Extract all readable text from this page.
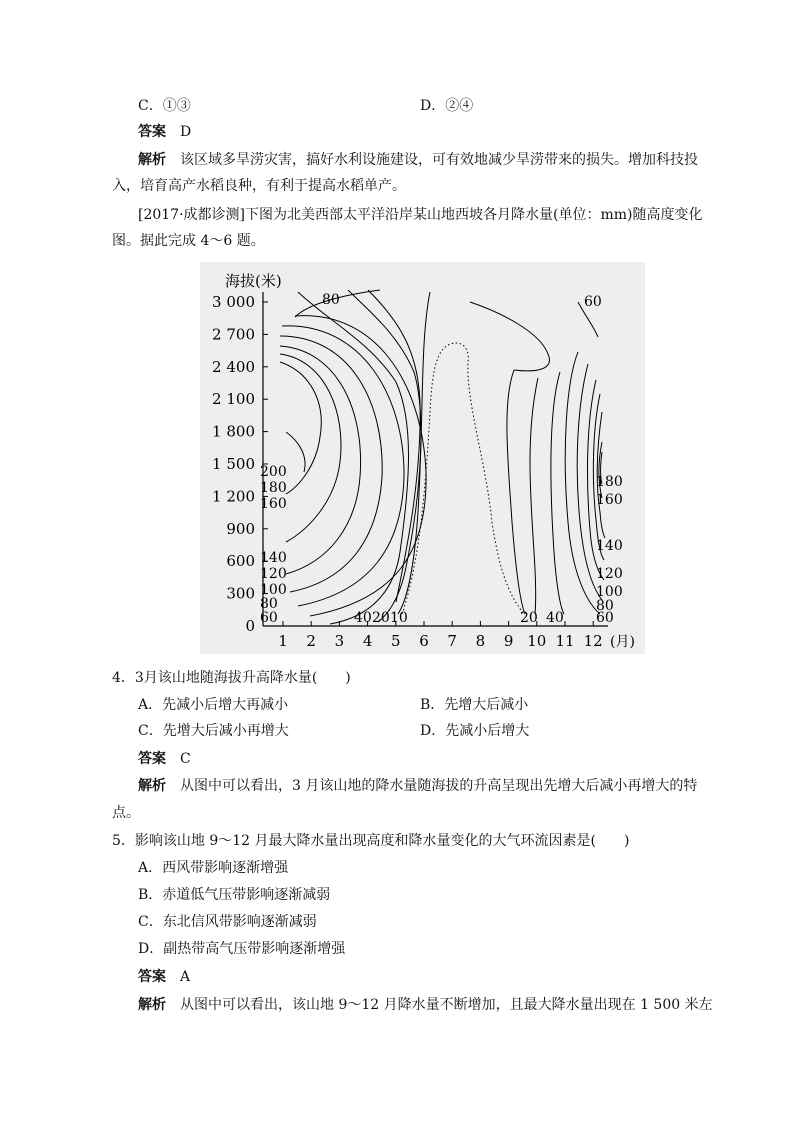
C．①③	D．②④
答案 D
解析 该区域多旱涝灾害，搞好水利设施建设，可有效地减少旱涝带来的损失。增加科技投
入，培育高产水稻良种，有利于提高水稻单产。
[2017·成都诊测]下图为北美西部太平洋沿岸某山地西坡各月降水量(单位：mm)随高度变化
图。据此完成 4～6 题。
海拔(米)
(月)
0
300
600
900
1 200
1 500
1 800
2 100
2 400
2 700
3 000
1 2 3 4 5 6 7 8 9 10 11 12
200
180
160
140
120
100
80
60	40 20 10	20 40
180
160
140
120
100
80
60
80	60
4．3月该山地随海拔升高降水量(　　)
A．先减小后增大再减小	B．先增大后减小
C．先增大后减小再增大	D．先减小后增大
答案 C
解析 从图中可以看出，3 月该山地的降水量随海拔的升高呈现出先增大后减小再增大的特
点。
5．影响该山地 9～12 月最大降水量出现高度和降水量变化的大气环流因素是(　　)
A．西风带影响逐渐增强
B．赤道低气压带影响逐渐减弱
C．东北信风带影响逐渐减弱
D．副热带高气压带影响逐渐增强
答案 A
解析 从图中可以看出，该山地 9～12 月降水量不断增加，且最大降水量出现在 1 500 米左
